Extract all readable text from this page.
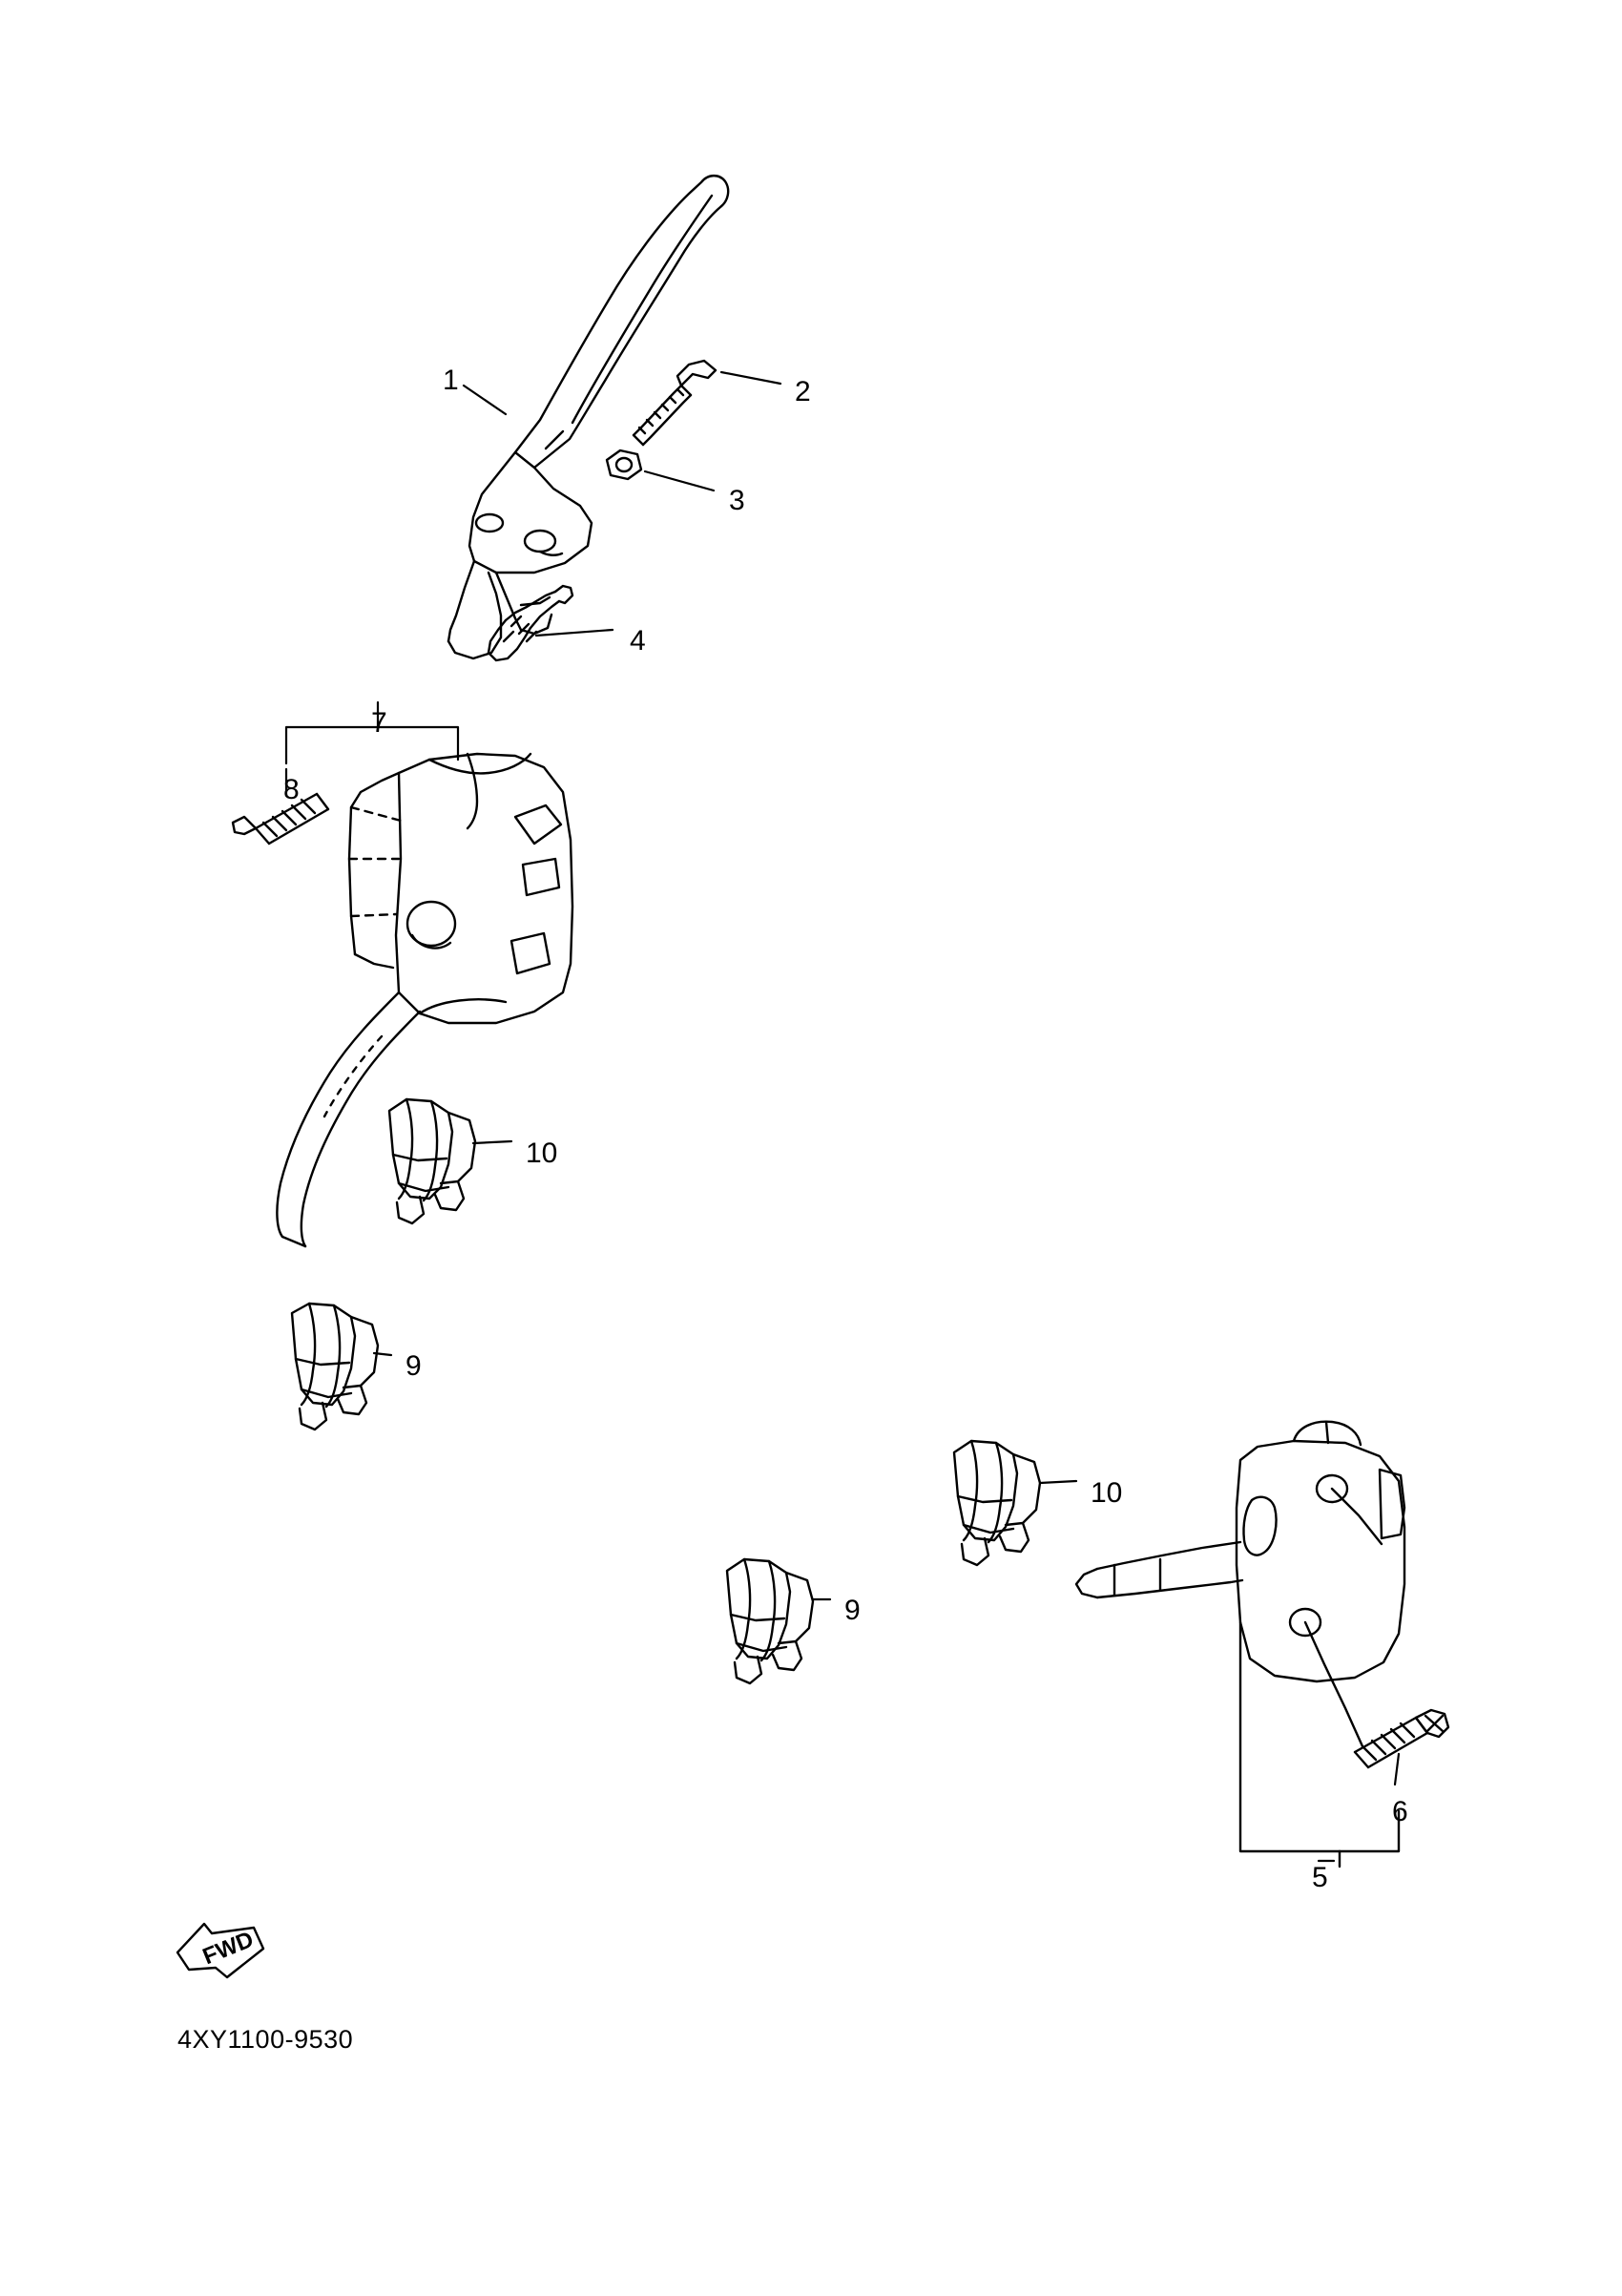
1	2
3
4
7
8
10
9
10
9
6
5
FWD
4XY1100-9530
